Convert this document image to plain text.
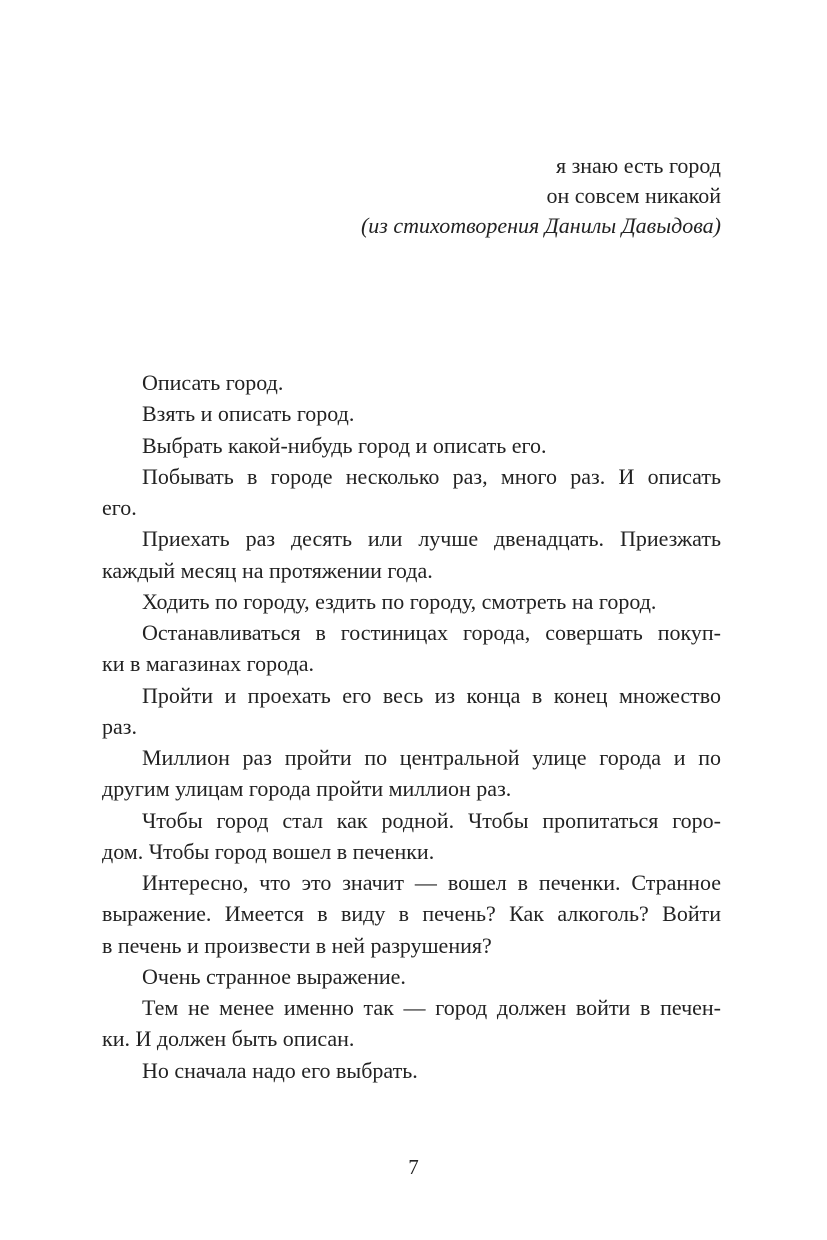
я знаю есть город
он совсем никакой
(из стихотворения Данилы Давыдова)
Описать город.
Взять и описать город.
Выбрать какой-нибудь город и описать его.
Побывать в городе несколько раз, много раз. И описать
его.
Приехать раз десять или лучше двенадцать. Приезжать
каждый месяц на протяжении года.
Ходить по городу, ездить по городу, смотреть на город.
Останавливаться в гостиницах города, совершать покуп-
ки в магазинах города.
Пройти и проехать его весь из конца в конец множество
раз.
Миллион раз пройти по центральной улице города и по
другим улицам города пройти миллион раз.
Чтобы город стал как родной. Чтобы пропитаться горо-
дом. Чтобы город вошел в печенки.
Интересно, что это значит — вошел в печенки. Странное
выражение. Имеется в виду в печень? Как алкоголь? Войти
в печень и произвести в ней разрушения?
Очень странное выражение.
Тем не менее именно так — город должен войти в печен-
ки. И должен быть описан.
Но сначала надо его выбрать.
7
